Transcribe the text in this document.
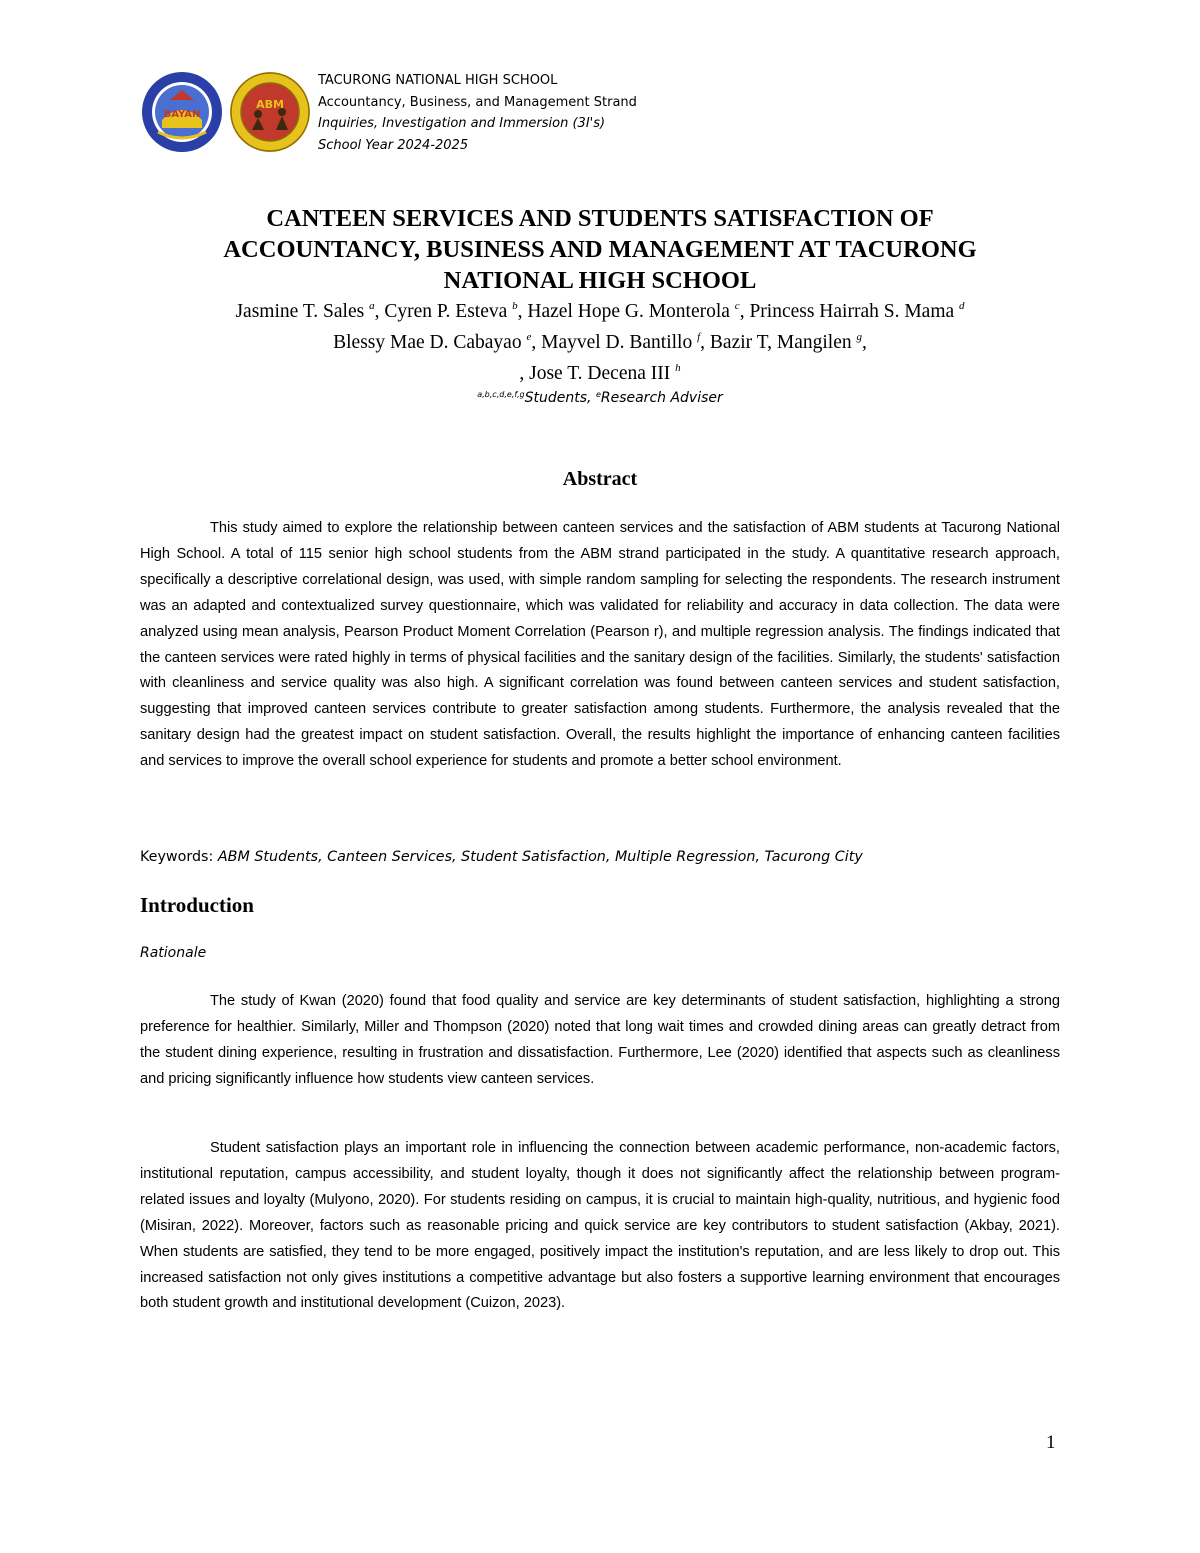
BAYAN
ABM
TACURONG NATIONAL HIGH SCHOOL
Accountancy, Business, and Management Strand
Inquiries, Investigation and Immersion (3I's)
School Year 2024-2025
CANTEEN SERVICES AND STUDENTS SATISFACTION OF
ACCOUNTANCY, BUSINESS AND MANAGEMENT AT TACURONG
NATIONAL HIGH SCHOOL
Jasmine T. Sales $^a$, Cyren P. Esteva $^b$, Hazel Hope G. Monterola $^c$, Princess Hairrah S. Mama $^d$
Blessy Mae D. Cabayao $^e$, Mayvel D. Bantillo $^f$, Bazir T, Mangilen $^g$,
, Jose T. Decena III $^h$
$^{a,b,c,d,e,f,g}$Students, $^e$Research Adviser
Abstract
This study aimed to explore the relationship between canteen services and the satisfaction of ABM students at Tacurong National High School. A total of 115 senior high school students from the ABM strand participated in the study. A quantitative research approach, specifically a descriptive correlational design, was used, with simple random sampling for selecting the respondents. The research instrument was an adapted and contextualized survey questionnaire, which was validated for reliability and accuracy in data collection. The data were analyzed using mean analysis, Pearson Product Moment Correlation (Pearson r), and multiple regression analysis. The findings indicated that the canteen services were rated highly in terms of physical facilities and the sanitary design of the facilities. Similarly, the students' satisfaction with cleanliness and service quality was also high. A significant correlation was found between canteen services and student satisfaction, suggesting that improved canteen services contribute to greater satisfaction among students. Furthermore, the analysis revealed that the sanitary design had the greatest impact on student satisfaction. Overall, the results highlight the importance of enhancing canteen facilities and services to improve the overall school experience for students and promote a better school environment.
Keywords: ABM Students, Canteen Services, Student Satisfaction, Multiple Regression, Tacurong City
Introduction
Rationale
The study of Kwan (2020) found that food quality and service are key determinants of student satisfaction, highlighting a strong preference for healthier. Similarly, Miller and Thompson (2020) noted that long wait times and crowded dining areas can greatly detract from the student dining experience, resulting in frustration and dissatisfaction. Furthermore, Lee (2020) identified that aspects such as cleanliness and pricing significantly influence how students view canteen services.
Student satisfaction plays an important role in influencing the connection between academic performance, non-academic factors, institutional reputation, campus accessibility, and student loyalty, though it does not significantly affect the relationship between program-related issues and loyalty (Mulyono, 2020). For students residing on campus, it is crucial to maintain high-quality, nutritious, and hygienic food (Misiran, 2022). Moreover, factors such as reasonable pricing and quick service are key contributors to student satisfaction (Akbay, 2021). When students are satisfied, they tend to be more engaged, positively impact the institution's reputation, and are less likely to drop out. This increased satisfaction not only gives institutions a competitive advantage but also fosters a supportive learning environment that encourages both student growth and institutional development (Cuizon, 2023).
1
